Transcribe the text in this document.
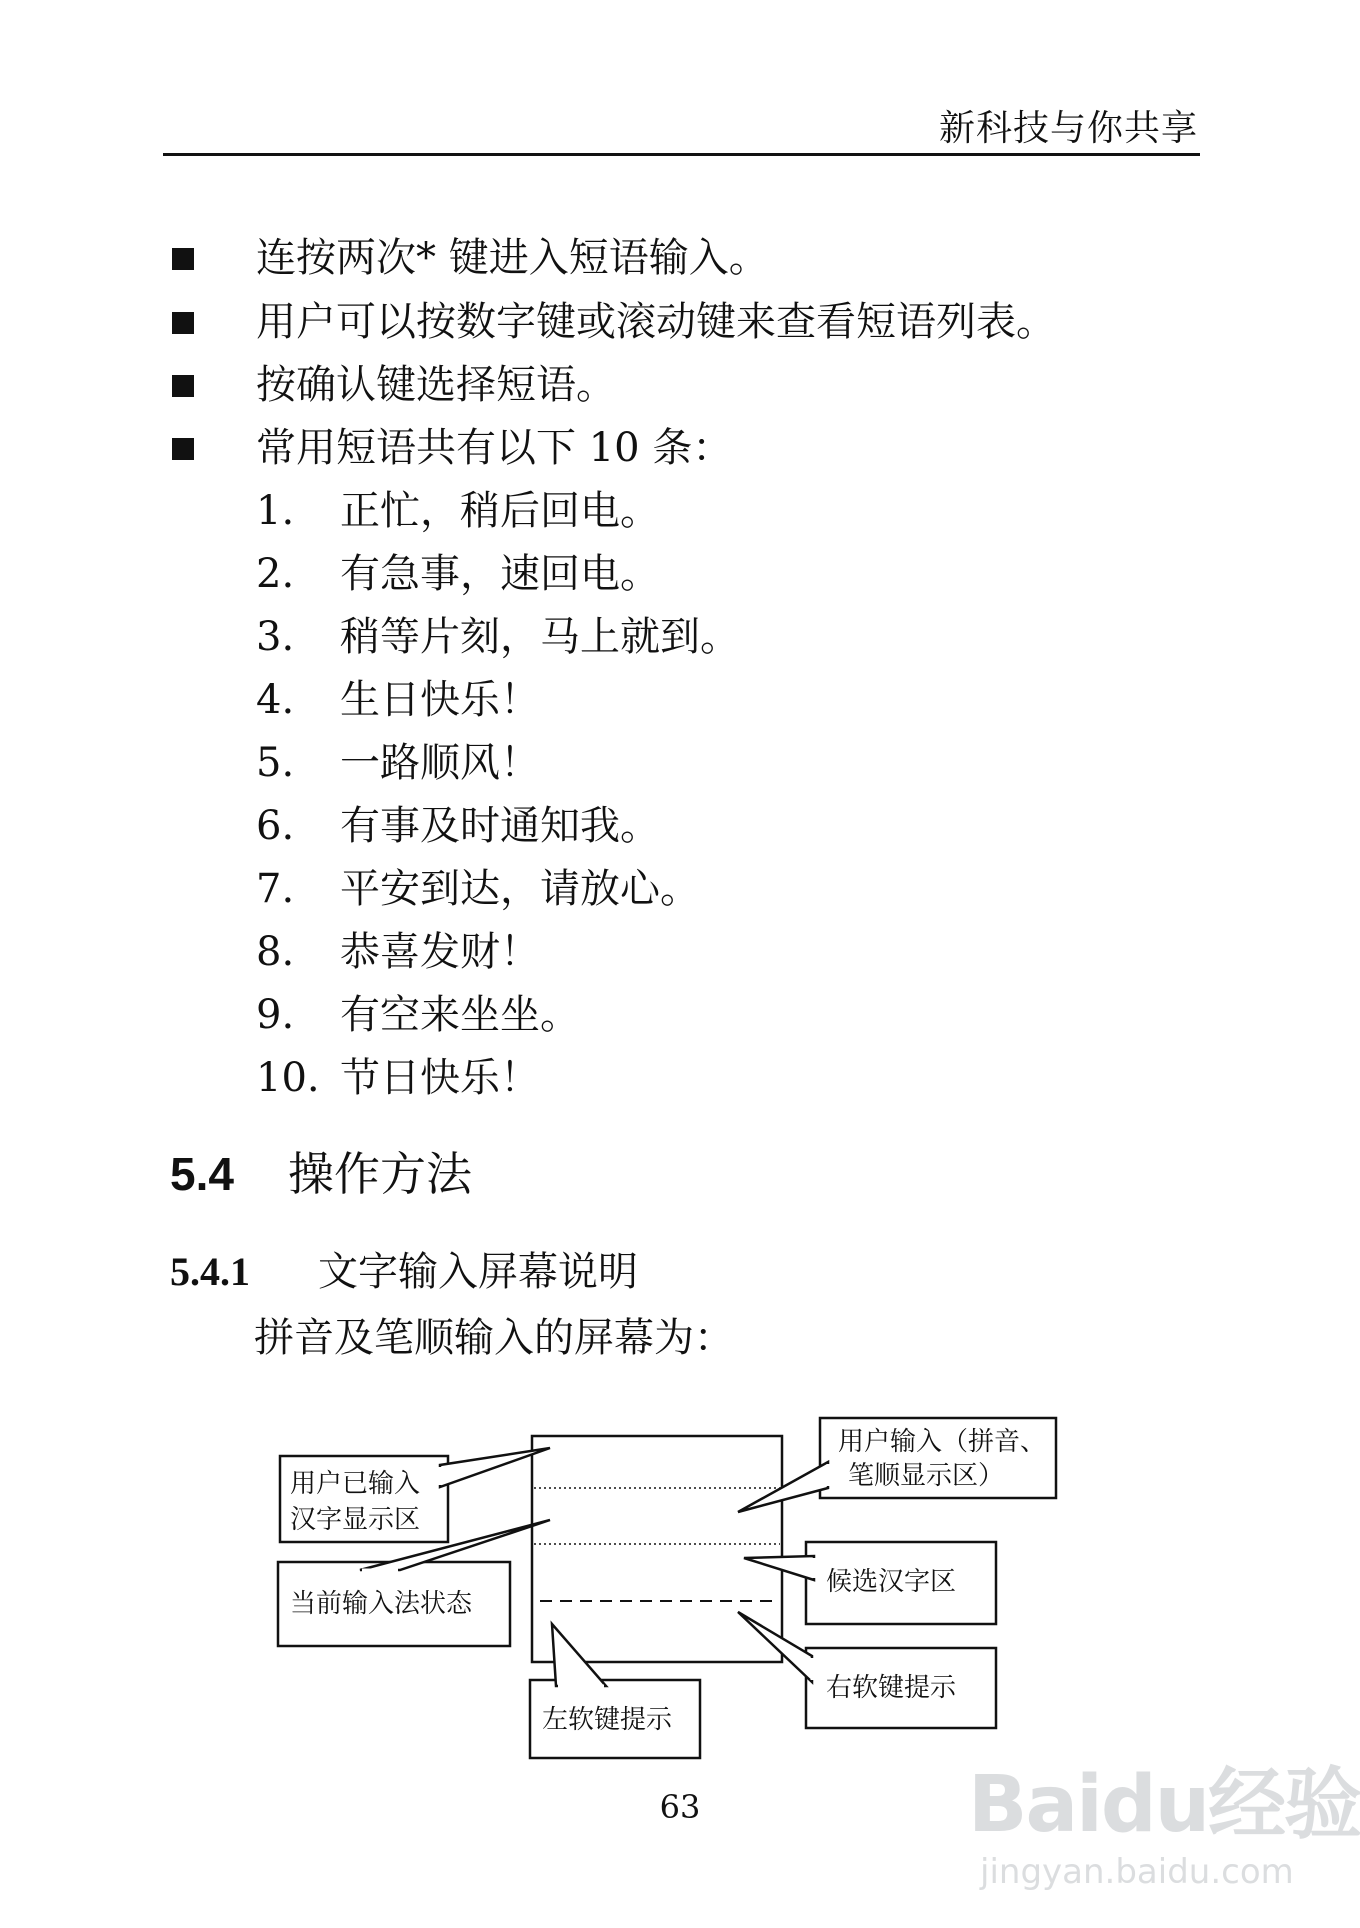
新科技与你共享
连按两次* 键进入短语输入。
用户可以按数字键或滚动键来查看短语列表。
按确认键选择短语。
常用短语共有以下 10 条：
1. 正忙，稍后回电。
2. 有急事，速回电。
3. 稍等片刻，马上就到。
4. 生日快乐！
5. 一路顺风！
6. 有事及时通知我。
7. 平安到达，请放心。
8. 恭喜发财！
9. 有空来坐坐。
10. 节日快乐！
5.4 操作方法
5.4.1 文字输入屏幕说明
拼音及笔顺输入的屏幕为：
用户已输入
汉字显示区
用户输入（拼音、
笔顺显示区）
当前输入法状态
候选汉字区
右软键提示
左软键提示
63	Baidu经验
jingyan.baidu.com
